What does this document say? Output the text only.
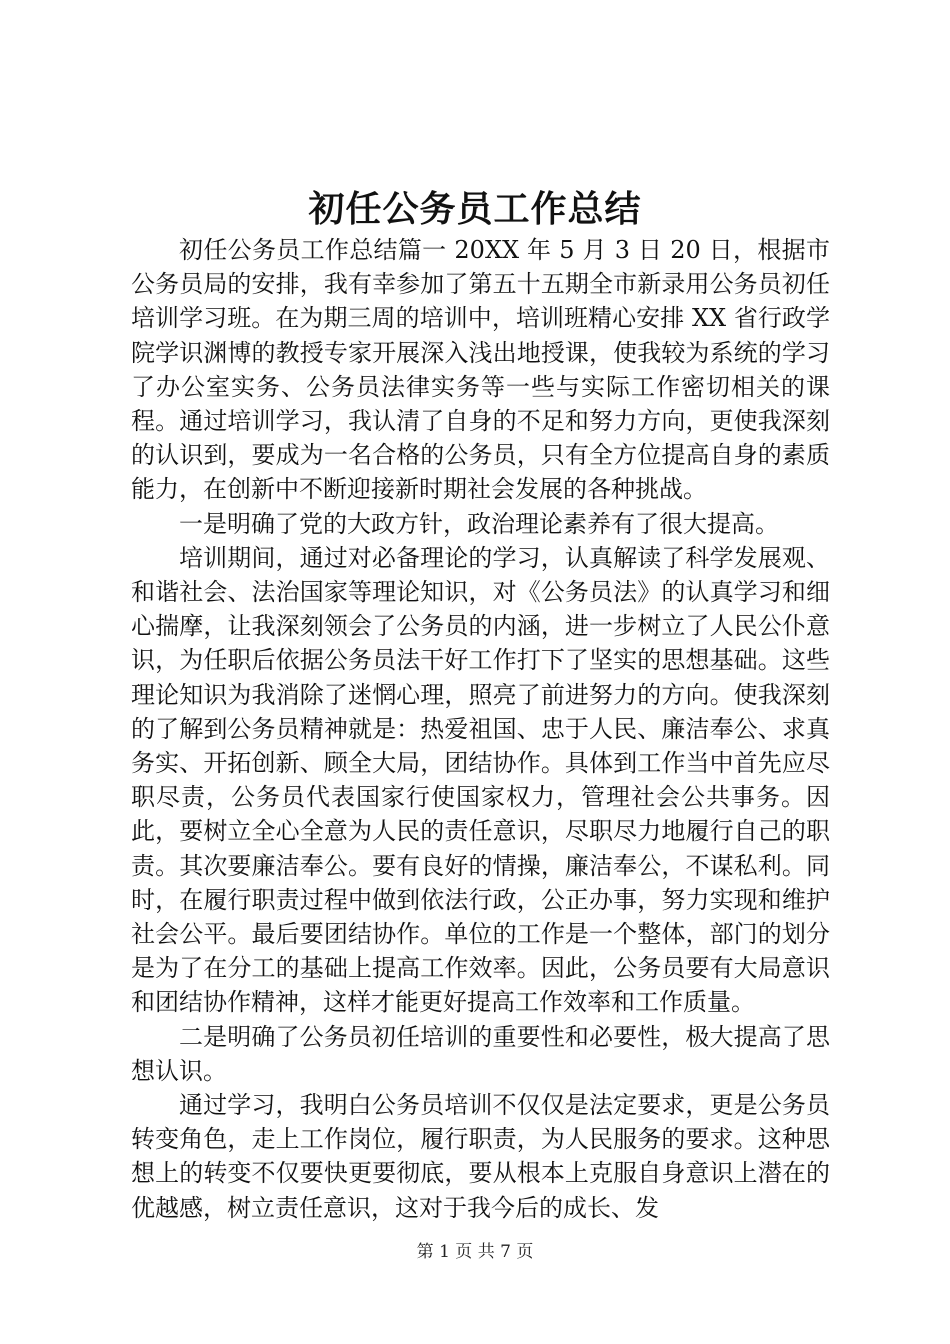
初任公务员工作总结

初任公务员工作总结篇一 20XX 年 5 月 3 日 20 日，根据市公务员局的安排，我有幸参加了第五十五期全市新录用公务员初任培训学习班。在为期三周的培训中，培训班精心安排 XX 省行政学院学识渊博的教授专家开展深入浅出地授课，使我较为系统的学习了办公室实务、公务员法律实务等一些与实际工作密切相关的课程。通过培训学习，我认清了自身的不足和努力方向，更使我深刻的认识到，要成为一名合格的公务员，只有全方位提高自身的素质能力，在创新中不断迎接新时期社会发展的各种挑战。

一是明确了党的大政方针，政治理论素养有了很大提高。

培训期间，通过对必备理论的学习，认真解读了科学发展观、和谐社会、法治国家等理论知识，对《公务员法》的认真学习和细心揣摩，让我深刻领会了公务员的内涵，进一步树立了人民公仆意识，为任职后依据公务员法干好工作打下了坚实的思想基础。这些理论知识为我消除了迷惘心理，照亮了前进努力的方向。使我深刻的了解到公务员精神就是：热爱祖国、忠于人民、廉洁奉公、求真务实、开拓创新、顾全大局，团结协作。具体到工作当中首先应尽职尽责，公务员代表国家行使国家权力，管理社会公共事务。因此，要树立全心全意为人民的责任意识，尽职尽力地履行自己的职责。其次要廉洁奉公。要有良好的情操，廉洁奉公，不谋私利。同时，在履行职责过程中做到依法行政，公正办事，努力实现和维护社会公平。最后要团结协作。单位的工作是一个整体，部门的划分是为了在分工的基础上提高工作效率。因此，公务员要有大局意识和团结协作精神，这样才能更好提高工作效率和工作质量。

二是明确了公务员初任培训的重要性和必要性，极大提高了思想认识。

通过学习，我明白公务员培训不仅仅是法定要求，更是公务员转变角色，走上工作岗位，履行职责，为人民服务的要求。这种思想上的转变不仅要快更要彻底，要从根本上克服自身意识上潜在的优越感，树立责任意识，这对于我今后的成长、发

第 1 页 共 7 页
